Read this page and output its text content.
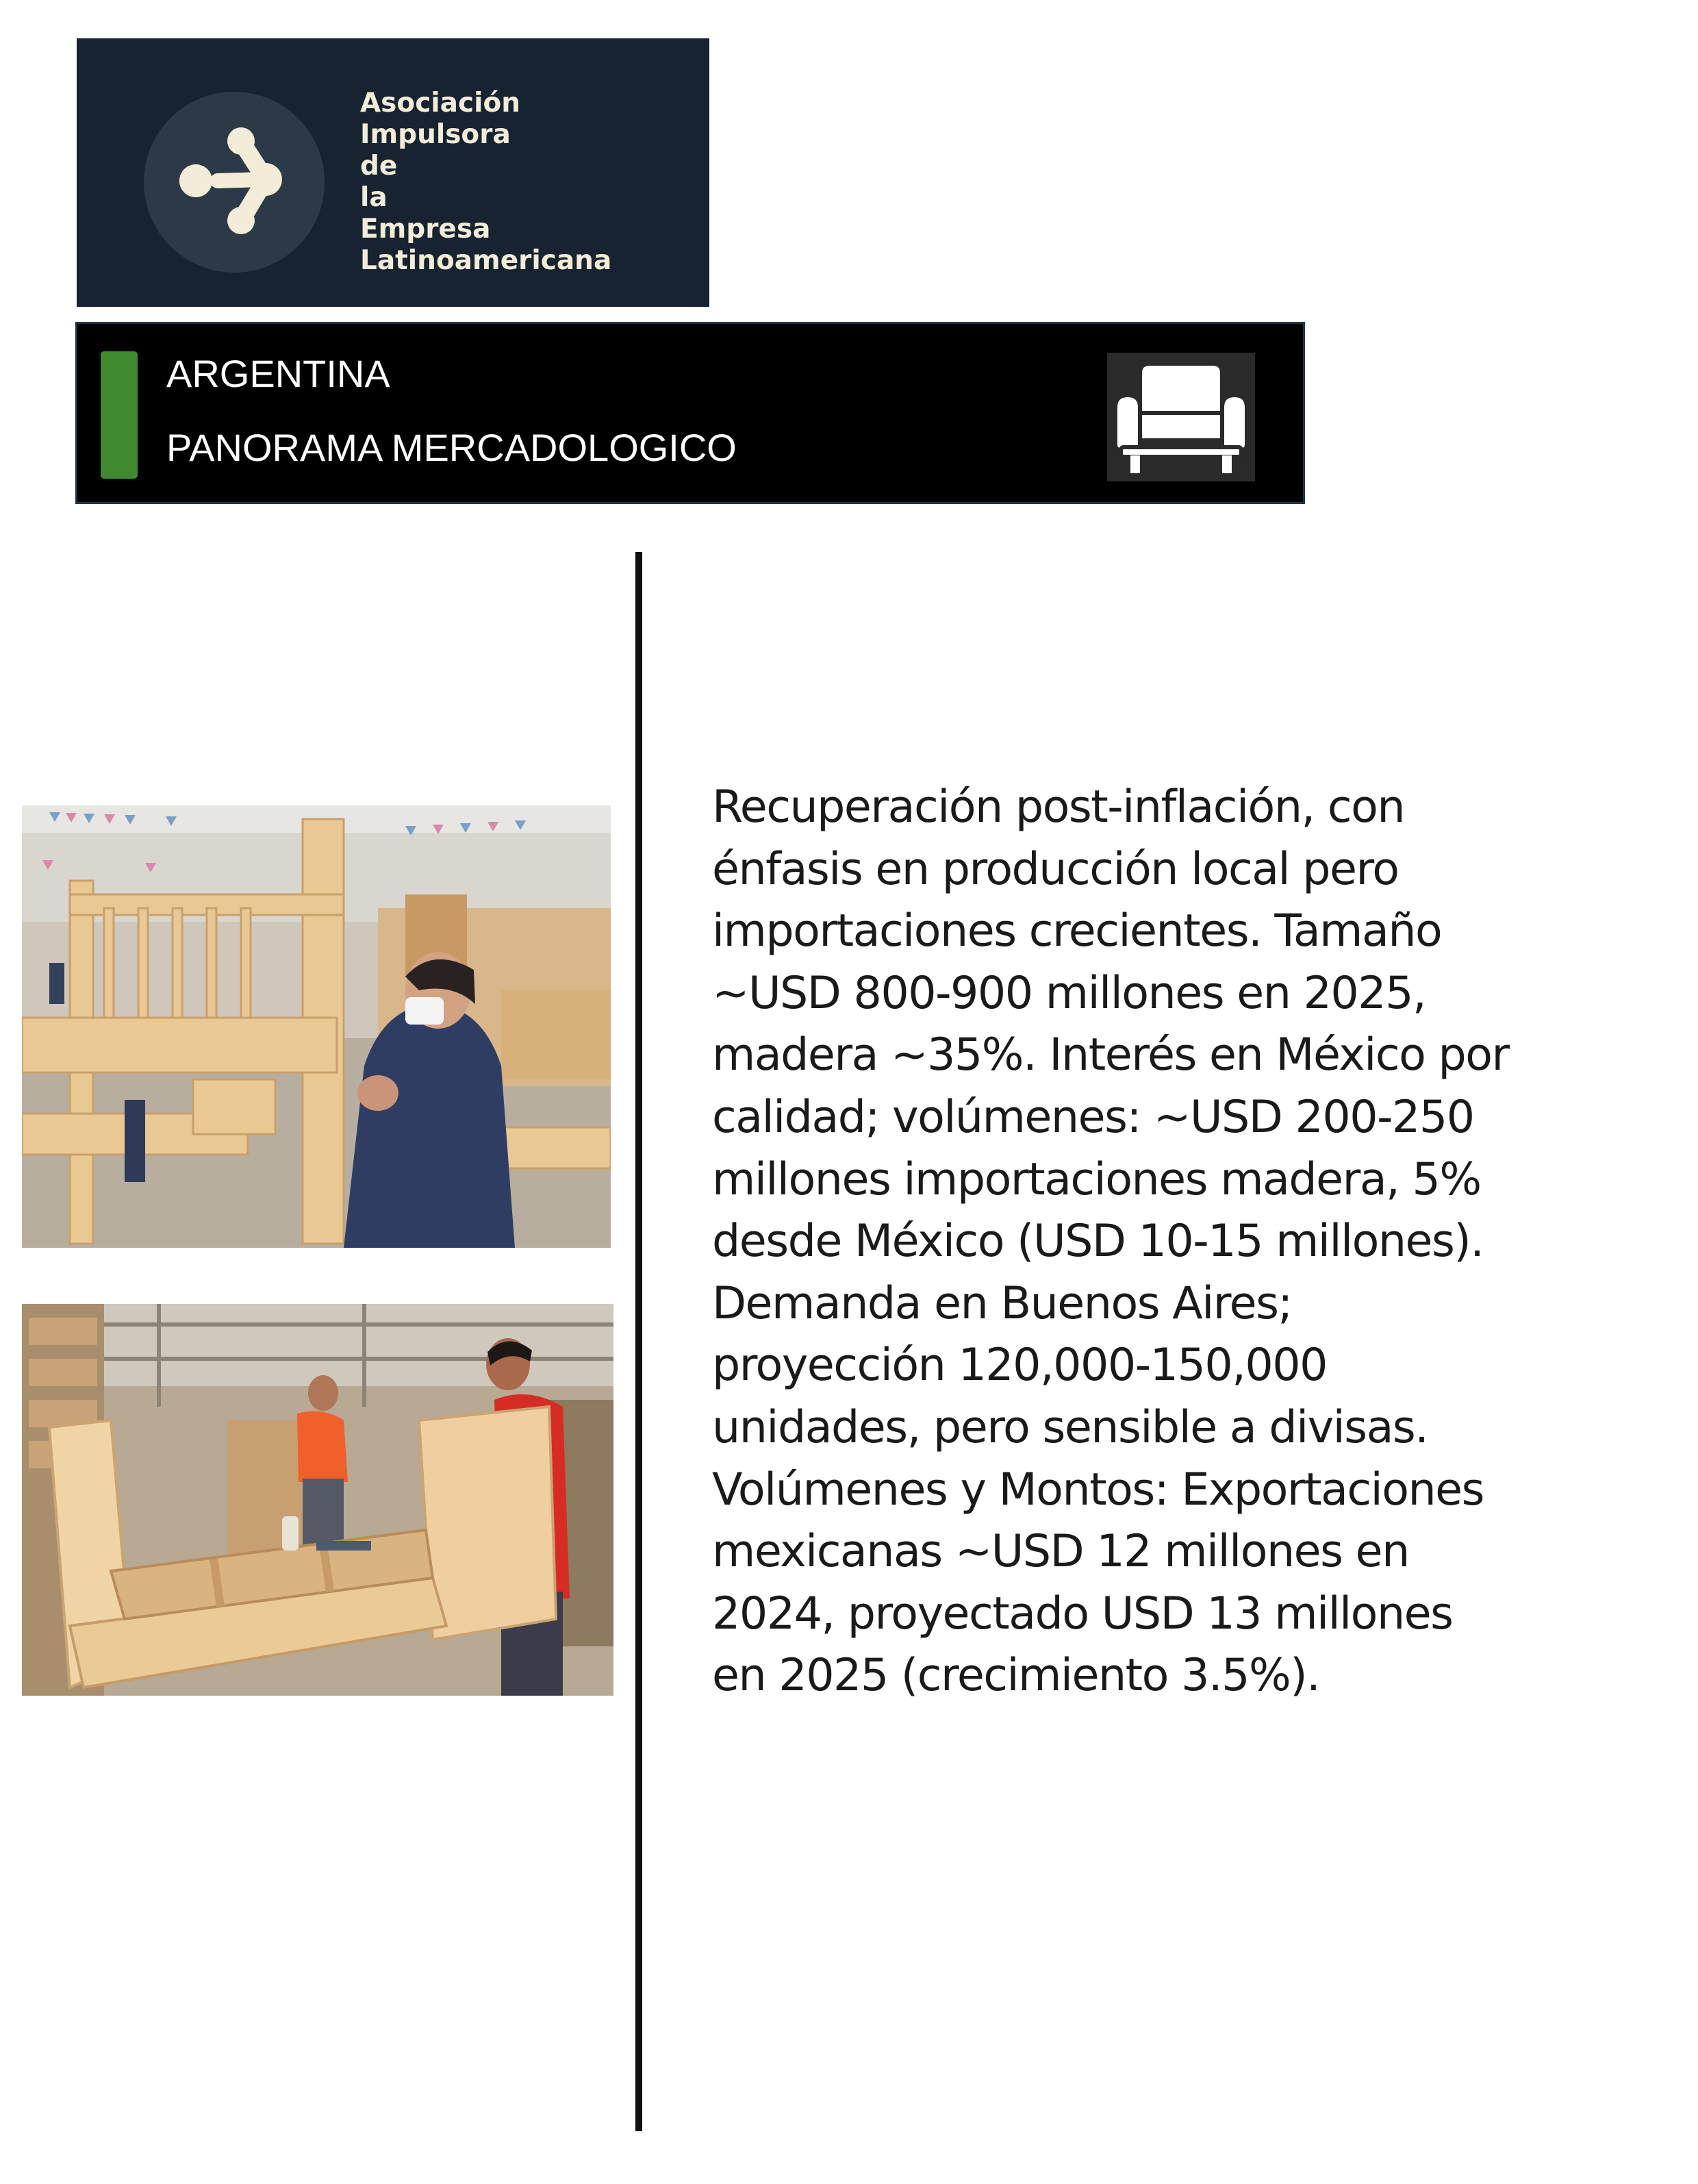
Asociación
Impulsora
de
la
Empresa
Latinoamericana
ARGENTINA
PANORAMA MERCADOLOGICO
Recuperación post-inflación, con
énfasis en producción local pero
importaciones crecientes. Tamaño
~USD 800-900 millones en 2025,
madera ~35%. Interés en México por
calidad; volúmenes: ~USD 200-250
millones importaciones madera, 5%
desde México (USD 10-15 millones).
Demanda en Buenos Aires;
proyección 120,000-150,000
unidades, pero sensible a divisas.
Volúmenes y Montos: Exportaciones
mexicanas ~USD 12 millones en
2024, proyectado USD 13 millones
en 2025 (crecimiento 3.5%).
